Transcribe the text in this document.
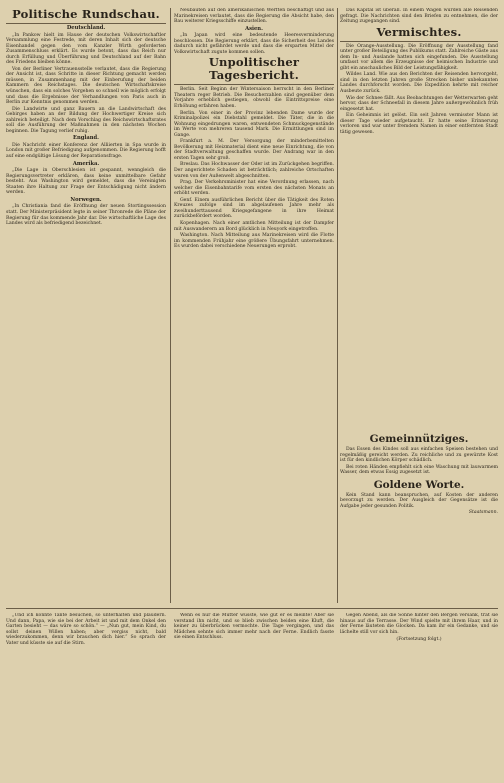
Politische Rundschau.
Deutschland.

„In Pankow hielt im Hause der deutschen Volkswirtschaftler Versammlung eine Festrede, mit deren Inhalt sich der deutsche Eisenhandel gegen den vom Kanzler Wirth geforderten Zusammenschluss erklärt. Es wurde betont, dass das Reich nur durch Erfüllung und Überführung und Deutschland auf der Bahn des Friedens bleiben könne.

Von der Berliner Vertrauensstelle verlautet, dass die Regierung der Ansicht ist, dass Schritte in dieser Richtung gemacht werden müssen, in Zusammenhang mit der Einberufung der beiden Kammern des Reichstages. Die deutschen Wirtschaftskreise wünschen, dass ein solches Vorgehen so schnell wie möglich erfolgt und dass die Ergebnisse der Verhandlungen von Paris auch in Berlin zur Kenntnis genommen werden.

Die Landwirte und ganz Bauern an die Landwirtschaft des Gebirges haben an der Bildung der Hochwertiger Kreise sich zahlreich beteiligt. Nach dem Vorschlag des Reichswirtschaftsrates soll die Ausführung der Maßnahmen in den nächsten Wochen beginnen. Die Tagung verlief ruhig.

England.

Die Nachricht einer Konferenz der Alliierten in Spa wurde in London mit großer Befriedigung aufgenommen. Die Regierung hofft auf eine endgültige Lösung der Reparationsfrage.

Amerika.

„Die Lage in Oberschlesien ist gespannt, wenngleich die Regierungsvertreter erklären, dass keine unmittelbare Gefahr besteht. Aus Washington wird gemeldet, dass die Vereinigten Staaten ihre Haltung zur Frage der Entschädigung nicht ändern werden.

Norwegen.

„In Christiania fand die Eröffnung der neuen Stortingssession statt. Der Ministerpräsident legte in seiner Thronrede die Pläne der Regierung für das kommende Jahr dar. Die wirtschaftliche Lage des Landes wird als befriedigend bezeichnet.

Neubauten auf den amerikanischen Werften beschäftigt und aus Marinekreisen verlautet, dass die Regierung die Absicht habe, den Bau weiterer Kriegsschiffe einzustellen.

Asien.

„In Japan wird eine bedeutende Heeresverminderung beschlossen. Die Regierung erklärt, dass die Sicherheit des Landes dadurch nicht gefährdet werde und dass die ersparten Mittel der Volkswirtschaft zugute kommen sollen.

Unpolitischer Tagesbericht.

Berlin. Seit Beginn der Wintersaison herrscht in den Berliner Theatern reger Betrieb. Die Besucherzahlen sind gegenüber dem Vorjahre erheblich gestiegen, obwohl die Eintrittspreise eine Erhöhung erfahren haben.

Berlin. Von einer in der Provinz lebenden Dame wurde der Kriminalpolizei ein Diebstahl gemeldet. Die Täter, die in die Wohnung eingedrungen waren, entwendeten Schmuckgegenstände im Werte von mehreren tausend Mark. Die Ermittlungen sind im Gange.

Frankfurt a. M. Der Versorgung der minderbemittelten Bevölkerung mit Heizmaterial dient eine neue Einrichtung, die von der Stadtverwaltung geschaffen wurde. Der Andrang war in den ersten Tagen sehr groß.

Breslau. Das Hochwasser der Oder ist im Zurückgehen begriffen. Der angerichtete Schaden ist beträchtlich; zahlreiche Ortschaften waren von der Außenwelt abgeschnitten.

Prag. Der Verkehrsminister hat eine Verordnung erlassen, nach welcher die Eisenbahntarife vom ersten des nächsten Monats an erhöht werden.

Genf. Einem ausführlichen Bericht über die Tätigkeit des Roten Kreuzes zufolge sind im abgelaufenen Jahre mehr als zweihunderttausend Kriegsgefangene in ihre Heimat zurückbefördert worden.

Kopenhagen. Nach einer amtlichen Mitteilung ist der Dampfer mit Auswanderern an Bord glücklich in Neuyork eingetroffen.

Washington. Nach Mitteilung aus Marinekreisen wird die Flotte im kommenden Frühjahr eine größere Übungsfahrt unternehmen. Es wurden dabei verschiedene Neuerungen erprobt.

Das Kapital ist überall. In einem Wagen wurden alle Reisenden gefragt. Die Nachrichten sind den Briefen zu entnehmen, die der Zeitung zugegangen sind.

Vermischtes.

Die Orange-Ausstellung. Die Eröffnung der Ausstellung fand unter großer Beteiligung des Publikums statt. Zahlreiche Gäste aus dem In- und Auslande hatten sich eingefunden. Die Ausstellung umfasst vor allem die Erzeugnisse der heimischen Industrie und gibt ein anschauliches Bild der Leistungsfähigkeit.

Wildes Land. Wie aus den Berichten der Reisenden hervorgeht, sind in den letzten Jahren große Strecken bisher unbekannten Landes durchforscht worden. Die Expedition kehrte mit reicher Ausbeute zurück.

Wie der Schnee fällt. Aus Beobachtungen der Wetterwarten geht hervor, dass der Schneefall in diesem Jahre außergewöhnlich früh eingesetzt hat.

Ein Geheimnis ist gelöst. Ein seit Jahren vermisster Mann ist dieser Tage wieder aufgetaucht. Er hatte seine Erinnerung verloren und war unter fremdem Namen in einer entfernten Stadt tätig gewesen.

Gemeinnütziges.

Das Essen des Kindes soll aus einfachen Speisen bestehen und regelmäßig gereicht werden. Zu reichliche und zu gewürzte Kost ist für den kindlichen Körper schädlich.

Bei roten Händen empfiehlt sich eine Waschung mit lauwarmem Wasser, dem etwas Essig zugesetzt ist.

Goldene Worte.

Kein Stand kann beanspruchen, auf Kosten der anderen bevorzugt zu werden. Der Ausgleich der Gegensätze ist die Aufgabe jeder gesunden Politik.

Staatsmann.

„Und ich könnte Tante besuchen, so unterhalten und plaudern. Und dann, Papa, wie sie bei der Arbeit ist und mit dem Onkel den Garten besieht — das wäre so schön.“ — „Nun gut, mein Kind, du sollst deinen Willen haben; aber vergiss nicht, bald wiederzukommen, denn wir brauchen dich hier.“ So sprach der Vater und küsste sie auf die Stirn.

Wenn es nur die Mutter wüsste, wie gut er es meinte! Aber sie verstand ihn nicht, und so blieb zwischen beiden eine Kluft, die keiner zu überbrücken vermochte. Die Tage vergingen, und das Mädchen sehnte sich immer mehr nach der Ferne. Endlich fasste sie einen Entschluss.

Gegen Abend, als die Sonne hinter den Bergen versank, trat sie hinaus auf die Terrasse. Der Wind spielte mit ihrem Haar, und in der Ferne läuteten die Glocken. Da kam ihr ein Gedanke, und sie lächelte still vor sich hin.

(Fortsetzung folgt.)
